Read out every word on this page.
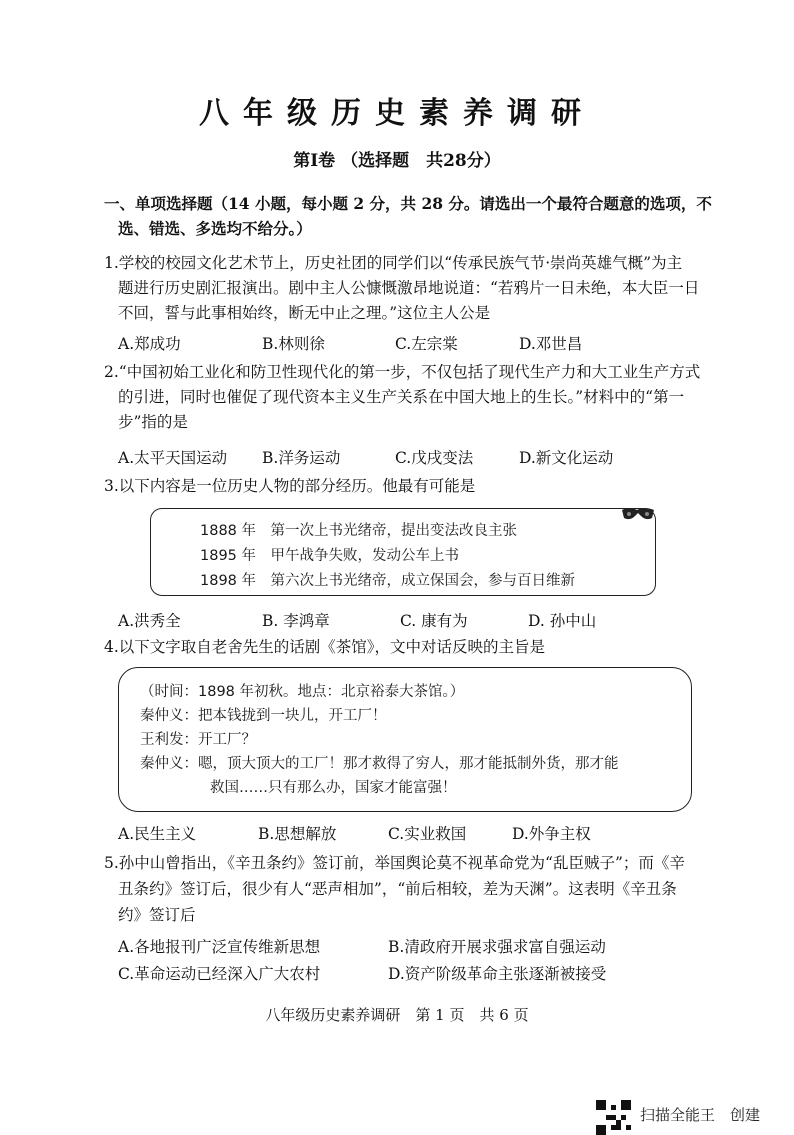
八年级历史素养调研
第Ⅰ卷 （选择题　共28分）
一、单项选择题（14 小题，每小题 2 分，共 28 分。请选出一个最符合题意的选项，不
选、错选、多选均不给分。）
1.学校的校园文化艺术节上，历史社团的同学们以“传承民族气节·崇尚英雄气概”为主
题进行历史剧汇报演出。剧中主人公慷慨激昂地说道：“若鸦片一日未绝，本大臣一日
不回，誓与此事相始终，断无中止之理。”这位主人公是
A.郑成功	B.林则徐	C.左宗棠	D.邓世昌
2.“中国初始工业化和防卫性现代化的第一步，不仅包括了现代生产力和大工业生产方式
的引进，同时也催促了现代资本主义生产关系在中国大地上的生长。”材料中的“第一
步”指的是
A.太平天国运动 B.洋务运动	C.戊戌变法	D.新文化运动
3.以下内容是一位历史人物的部分经历。他最有可能是
1888 年　第一次上书光绪帝，提出变法改良主张
1895 年　甲午战争失败，发动公车上书
1898 年　第六次上书光绪帝，成立保国会，参与百日维新
A.洪秀全	B. 李鸿章	C. 康有为	D. 孙中山
4.以下文字取自老舍先生的话剧《茶馆》，文中对话反映的主旨是
（时间：1898 年初秋。地点：北京裕泰大茶馆。）
秦仲义：把本钱拢到一块儿，开工厂！
王利发：开工厂？
秦仲义：嗯，顶大顶大的工厂！那才救得了穷人，那才能抵制外货，那才能
救国……只有那么办，国家才能富强！
A.民生主义	B.思想解放	C.实业救国	D.外争主权
5.孙中山曾指出，《辛丑条约》签订前，举国舆论莫不视革命党为“乱臣贼子”；而《辛
丑条约》签订后，很少有人“恶声相加”，“前后相较，差为天渊”。这表明《辛丑条
约》签订后
A.各地报刊广泛宣传维新思想	B.清政府开展求强求富自强运动
C.革命运动已经深入广大农村	D.资产阶级革命主张逐渐被接受
八年级历史素养调研　第 1 页　共 6 页
扫描全能王　创建
